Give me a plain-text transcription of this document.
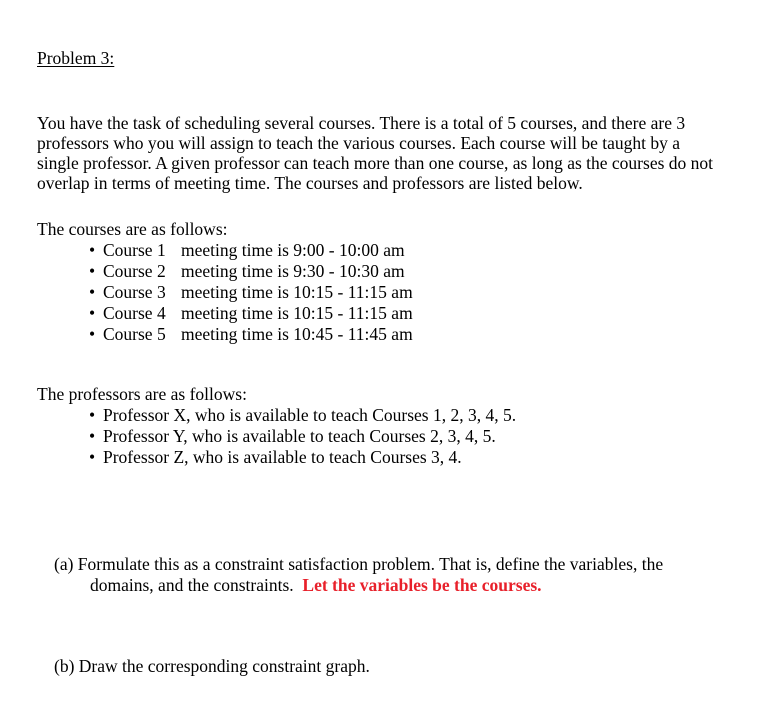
Problem 3:
You have the task of scheduling several courses. There is a total of 5 courses, and there are 3
professors who you will assign to teach the various courses. Each course will be taught by a
single professor. A given professor can teach more than one course, as long as the courses do not
overlap in terms of meeting time. The courses and professors are listed below.
The courses are as follows:
• Course 1 meeting time is 9:00 - 10:00 am
• Course 2 meeting time is 9:30 - 10:30 am
• Course 3 meeting time is 10:15 - 11:15 am
• Course 4 meeting time is 10:15 - 11:15 am
• Course 5 meeting time is 10:45 - 11:45 am
The professors are as follows:
• Professor X, who is available to teach Courses 1, 2, 3, 4, 5.
• Professor Y, who is available to teach Courses 2, 3, 4, 5.
• Professor Z, who is available to teach Courses 3, 4.
(a) Formulate this as a constraint satisfaction problem. That is, define the variables, the
domains, and the constraints. Let the variables be the courses.
(b) Draw the corresponding constraint graph.
